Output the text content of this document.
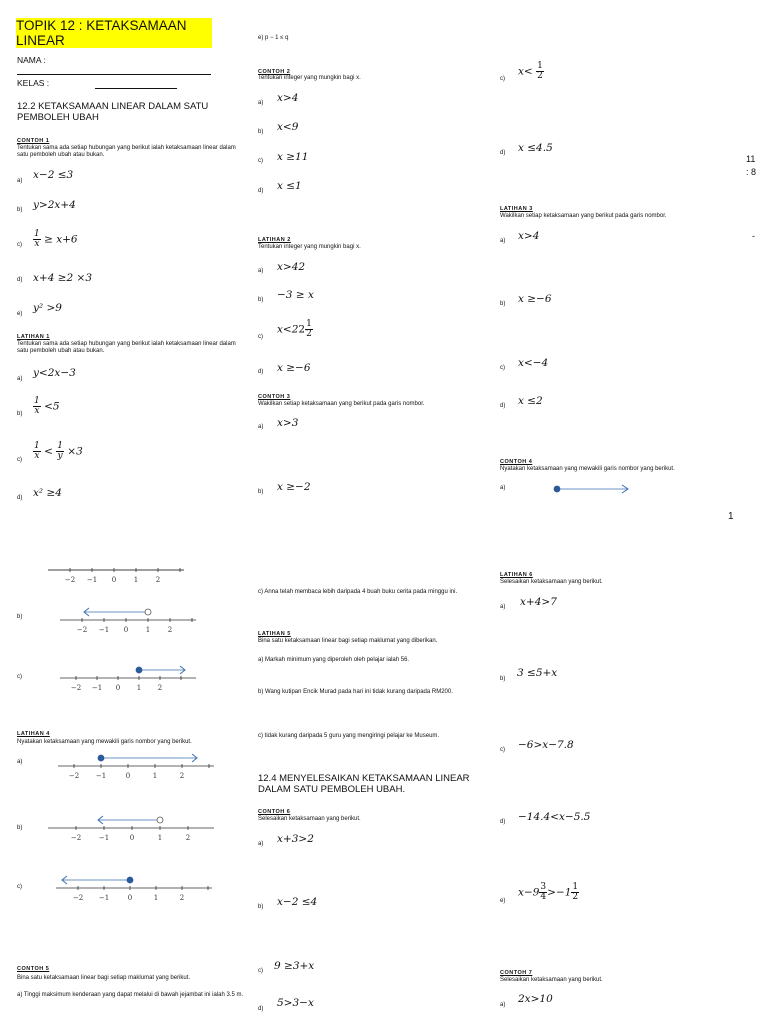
TOPIK 12 : KETAKSAMAAN LINEAR
NAMA :
KELAS :
12.2 KETAKSAMAAN LINEAR DALAM SATU PEMBOLEH UBAH
CONTOH 1
Tentukan sama ada setiap hubungan yang berikut ialah ketaksamaan linear dalam satu pemboleh ubah atau bukan.
a) x−2 ≤3
b) y>2x+4
$c) \frac{1}{x} \ge x+6$
d) x+4 ≥2 ×3
e) y² >9
LATIHAN 1
Tentukan sama ada setiap hubungan yang berikut ialah ketaksamaan linear dalam satu pemboleh ubah atau bukan.
a) y<2x−3
$b) \frac{1}{x} <5$
$c) \frac{1}{x} < \frac{1}{y} \times 3$
d) x² ≥4
−2 −1 0	1	2
b)
−2 −1 0	1	2
c)
−2 −1 0 1 2
LATIHAN 4
Nyatakan ketaksamaan yang mewakili garis nombor yang berikut.
a)
−2 −1	0	1	2
b)
−2	−1	0	1	2
c)
−2 −1	0	1	2
CONTOH 5
Bina satu ketaksamaan linear bagi setiap maklumat yang berikut.
a) Tinggi maksimum kenderaan yang dapat melalui di bawah jejambat ini ialah 3.5 m.
e) p − 1 ≤ q
CONTOH 2
Tentukan integer yang mungkin bagi x.
a) x>4
b) x<9
c) x ≥11
d) x ≤1
LATIHAN 2
Tentukan integer yang mungkin bagi x.
a) x>42
b) −3 ≥ x
c)
$x<22 \frac{1}{2}$
d) x ≥−6
CONTOH 3
Wakilkan setiap ketaksamaan yang berikut pada garis nombor.
a) x>3
b) x ≥−2
c) Anna telah membaca lebih daripada 4 buah buku cerita pada minggu ini.
LATIHAN 5
Bina satu ketaksamaan linear bagi setiap maklumat yang diberikan.
a) Markah minimum yang diperoleh oleh pelajar ialah 56.
b) Wang kutipan Encik Murad pada hari ini tidak kurang daripada RM200.
c) tidak kurang daripada 5 guru yang mengiringi pelajar ke Museum.
12.4 MENYELESAIKAN KETAKSAMAAN LINEAR DALAM SATU PEMBOLEH UBAH.
CONTOH 6
Selesaikan ketaksamaan yang berikut.
a) x+3>2
b) x−2 ≤4
c) 9 ≥3+x
d) 5>3−x
c)
$x< \frac{1}{2}$
d) x ≤4.5
11
: 8
-
LATIHAN 3
Wakilkan setiap ketaksamaan yang berikut pada garis nombor.
a) x>4
b) x ≥−6
c) x<−4
d) x ≤2
CONTOH 4
Nyatakan ketaksamaan yang mewakili garis nombor yang berikut.
a)
1
LATIHAN 6
Selesaikan ketaksamaan yang berikut.
a) x+4>7
b) 3 ≤5+x
c) −6>x−7.8
d) −14.4<x−5.5
e)
$x-9 \frac{3}{4} >-1 \frac{1}{2}$
CONTOH 7
Selesaikan ketaksamaan yang berikut.
a) 2x>10
